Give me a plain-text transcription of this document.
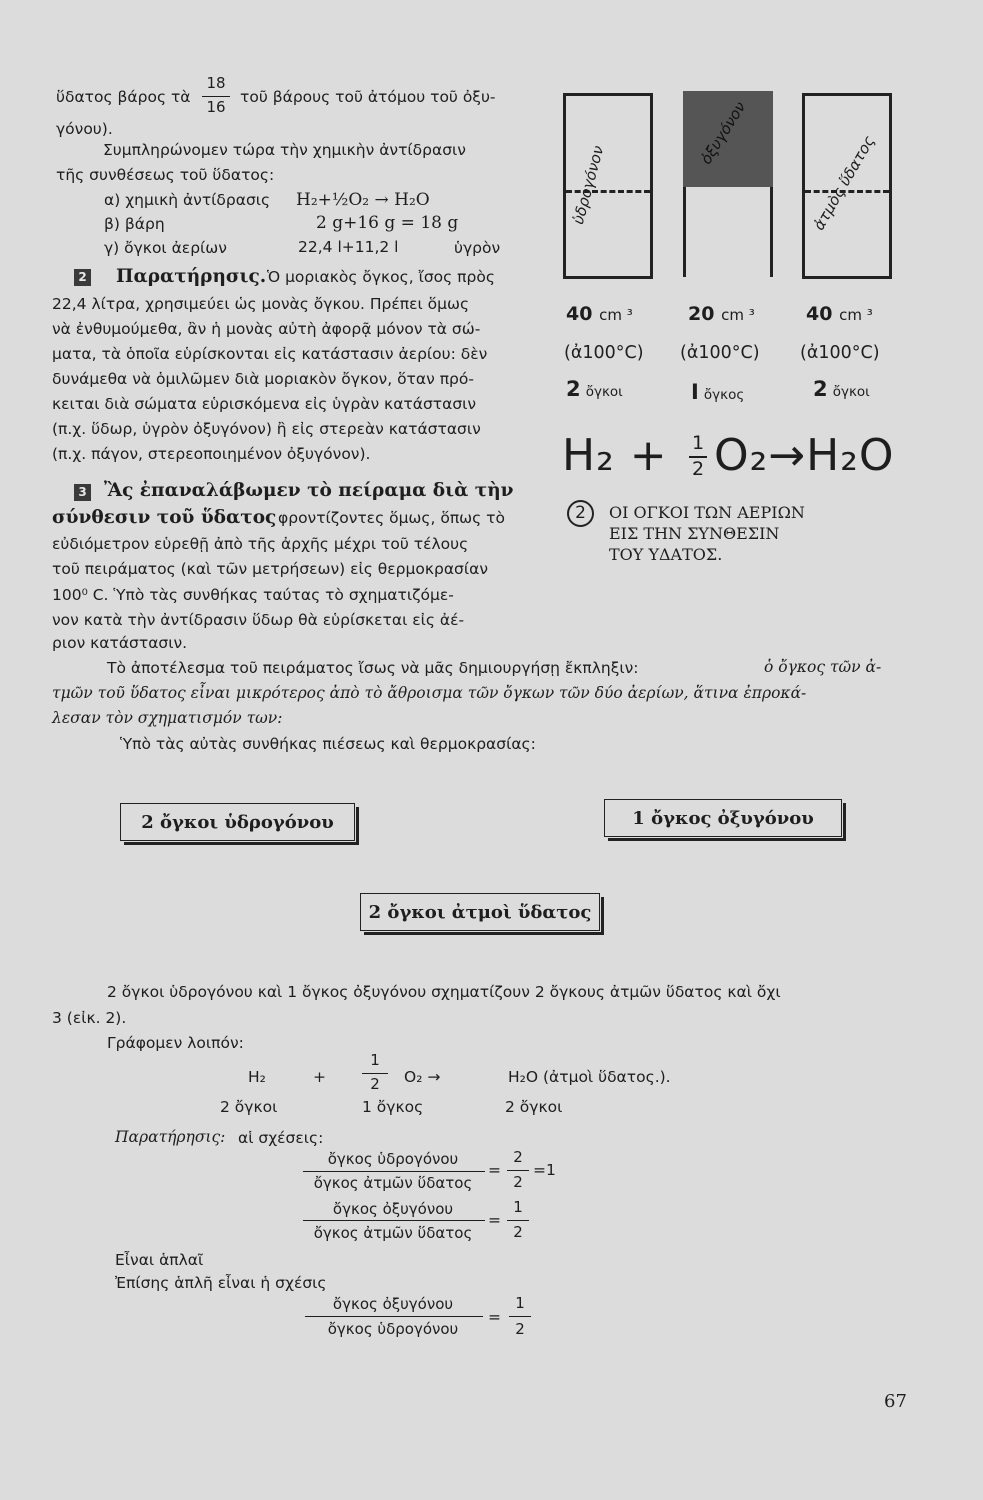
ὕδατος βάρος τὰ
18
16
τοῦ βάρους τοῦ ἀτόμου τοῦ ὀξυ-
γόνου).
Συμπληρώνομεν τώρα τὴν χημικὴν ἀντίδρασιν
τῆς συνθέσεως τοῦ ὕδατος:
α) χημικὴ ἀντίδρασις H₂+½O₂ → H₂O
β) βάρη	2 g+16 g = 18 g
γ) ὄγκοι ἀερίων	22,4 l+11,2 l	ὑγρὸν
2 Παρατήρησις. Ὁ μοριακὸς ὄγκος, ἴσος πρὸς
22,4 λίτρα, χρησιμεύει ὡς μονὰς ὄγκου. Πρέπει ὅμως
νὰ ἐνθυμούμεθα, ἂν ἡ μονὰς αὐτὴ ἀφορᾷ μόνον τὰ σώ-
ματα, τὰ ὁποῖα εὑρίσκονται εἰς κατάστασιν ἀερίου: δὲν
δυνάμεθα νὰ ὁμιλῶμεν διὰ μοριακὸν ὄγκον, ὅταν πρό-
κειται διὰ σώματα εὑρισκόμενα εἰς ὑγρὰν κατάστασιν
(π.χ. ὕδωρ, ὑγρὸν ὀξυγόνον) ἢ εἰς στερεὰν κατάστασιν
(π.χ. πάγον, στερεοποιημένον ὀξυγόνον).
3 Ἂς ἐπαναλάβωμεν τὸ πείραμα διὰ τὴν
σύνθεσιν τοῦ ὕδατος φροντίζοντες ὅμως, ὅπως τὸ
εὐδιόμετρον εὑρεθῇ ἀπὸ τῆς ἀρχῆς μέχρι τοῦ τέλους
τοῦ πειράματος (καὶ τῶν μετρήσεων) εἰς θερμοκρασίαν
100⁰ C. Ὑπὸ τὰς συνθήκας ταύτας τὸ σχηματιζόμε-
νον κατὰ τὴν ἀντίδρασιν ὕδωρ θὰ εὑρίσκεται εἰς ἀέ-
ριον κατάστασιν.
ὑδρογόνον
ὀξυγόνον	ἀτμὸς ὕδατος
40 cm ³	20 cm ³	40 cm ³
(ἀ100°C) (ἀ100°C) (ἀ100°C)
2 ὄγκοι	I ὄγκος	2 ὄγκοι
H₂ + 1
2 O₂→H₂O
2	ΟΙ ΟΓΚΟΙ ΤΩΝ ΑΕΡΙΩΝ
ΕΙΣ ΤΗΝ ΣΥΝΘΕΣΙΝ
ΤΟΥ ΥΔΑΤΟΣ.
Τὸ ἀποτέλεσμα τοῦ πειράματος ἴσως νὰ μᾶς δημιουργήσῃ ἔκπληξιν:	ὁ ὄγκος τῶν ἀ-
τμῶν τοῦ ὕδατος εἶναι μικρότερος ἀπὸ τὸ ἄθροισμα τῶν ὄγκων τῶν δύο ἀερίων, ἅτινα ἐπροκά-
λεσαν τὸν σχηματισμόν των:
Ὑπὸ τὰς αὐτὰς συνθήκας πιέσεως καὶ θερμοκρασίας:
2 ὄγκοι ὑδρογόνου	1 ὄγκος ὀξυγόνου
2 ὄγκοι ἀτμοὶ ὕδατος
2 ὄγκοι ὑδρογόνου καὶ 1 ὄγκος ὀξυγόνου σχηματίζουν 2 ὄγκους ἀτμῶν ὕδατος καὶ ὄχι
3 (εἰκ. 2).
Γράφομεν λοιπόν:
H₂	+
1
2	O₂ →	H₂O (ἀτμοὶ ὕδατος.).
2 ὄγκοι	1 ὄγκος	2 ὄγκοι
Παρατήρησις: αἱ σχέσεις:
ὄγκος ὑδρογόνου
ὄγκος ἀτμῶν ὕδατος
=
2
2
=1
ὄγκος ὀξυγόνου
ὄγκος ἀτμῶν ὕδατος
=
1
2
Εἶναι ἁπλαῖ
Ἐπίσης ἁπλῆ εἶναι ἡ σχέσις
ὄγκος ὀξυγόνου
ὄγκος ὑδρογόνου
=
1
2
67
